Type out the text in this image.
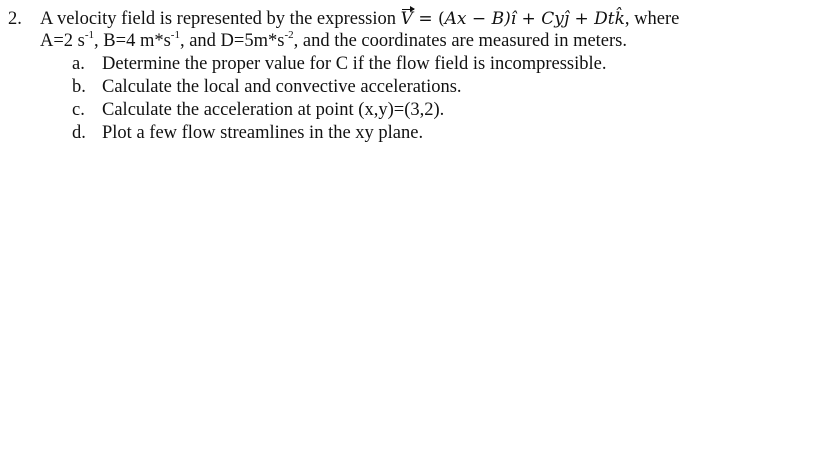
2. A velocity field is represented by the expression V = (Ax − B)î + Cyĵ + Dtk̂, where
A=2 $s^{-1}$, B=4 $m*s^{-1}$, and $D=5m*s^{-2}$, and the coordinates are measured in meters.
a. Determine the proper value for C if the flow field is incompressible.
b. Calculate the local and convective accelerations.
c. Calculate the acceleration at point (x,y)=(3,2).
d. Plot a few flow streamlines in the xy plane.
